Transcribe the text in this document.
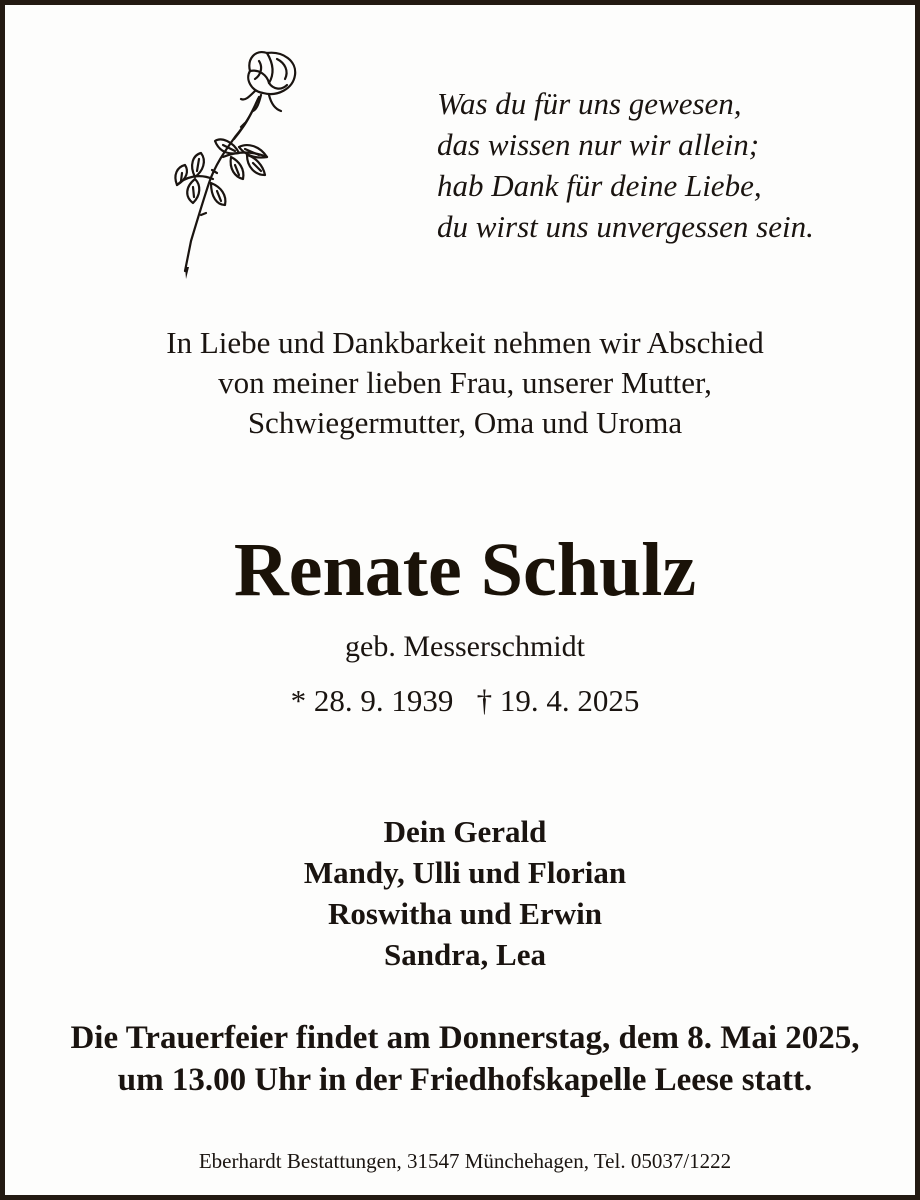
Was du für uns gewesen,
das wissen nur wir allein;
hab Dank für deine Liebe,
du wirst uns unvergessen sein.
In Liebe und Dankbarkeit nehmen wir Abschied
von meiner lieben Frau, unserer Mutter,
Schwiegermutter, Oma und Uroma
Renate Schulz
geb. Messerschmidt
* 28. 9. 1939   † 19. 4. 2025
Dein Gerald
Mandy, Ulli und Florian
Roswitha und Erwin
Sandra, Lea
Die Trauerfeier findet am Donnerstag, dem 8. Mai 2025,
um 13.00 Uhr in der Friedhofskapelle Leese statt.
Eberhardt Bestattungen, 31547 Münchehagen, Tel. 05037/1222
